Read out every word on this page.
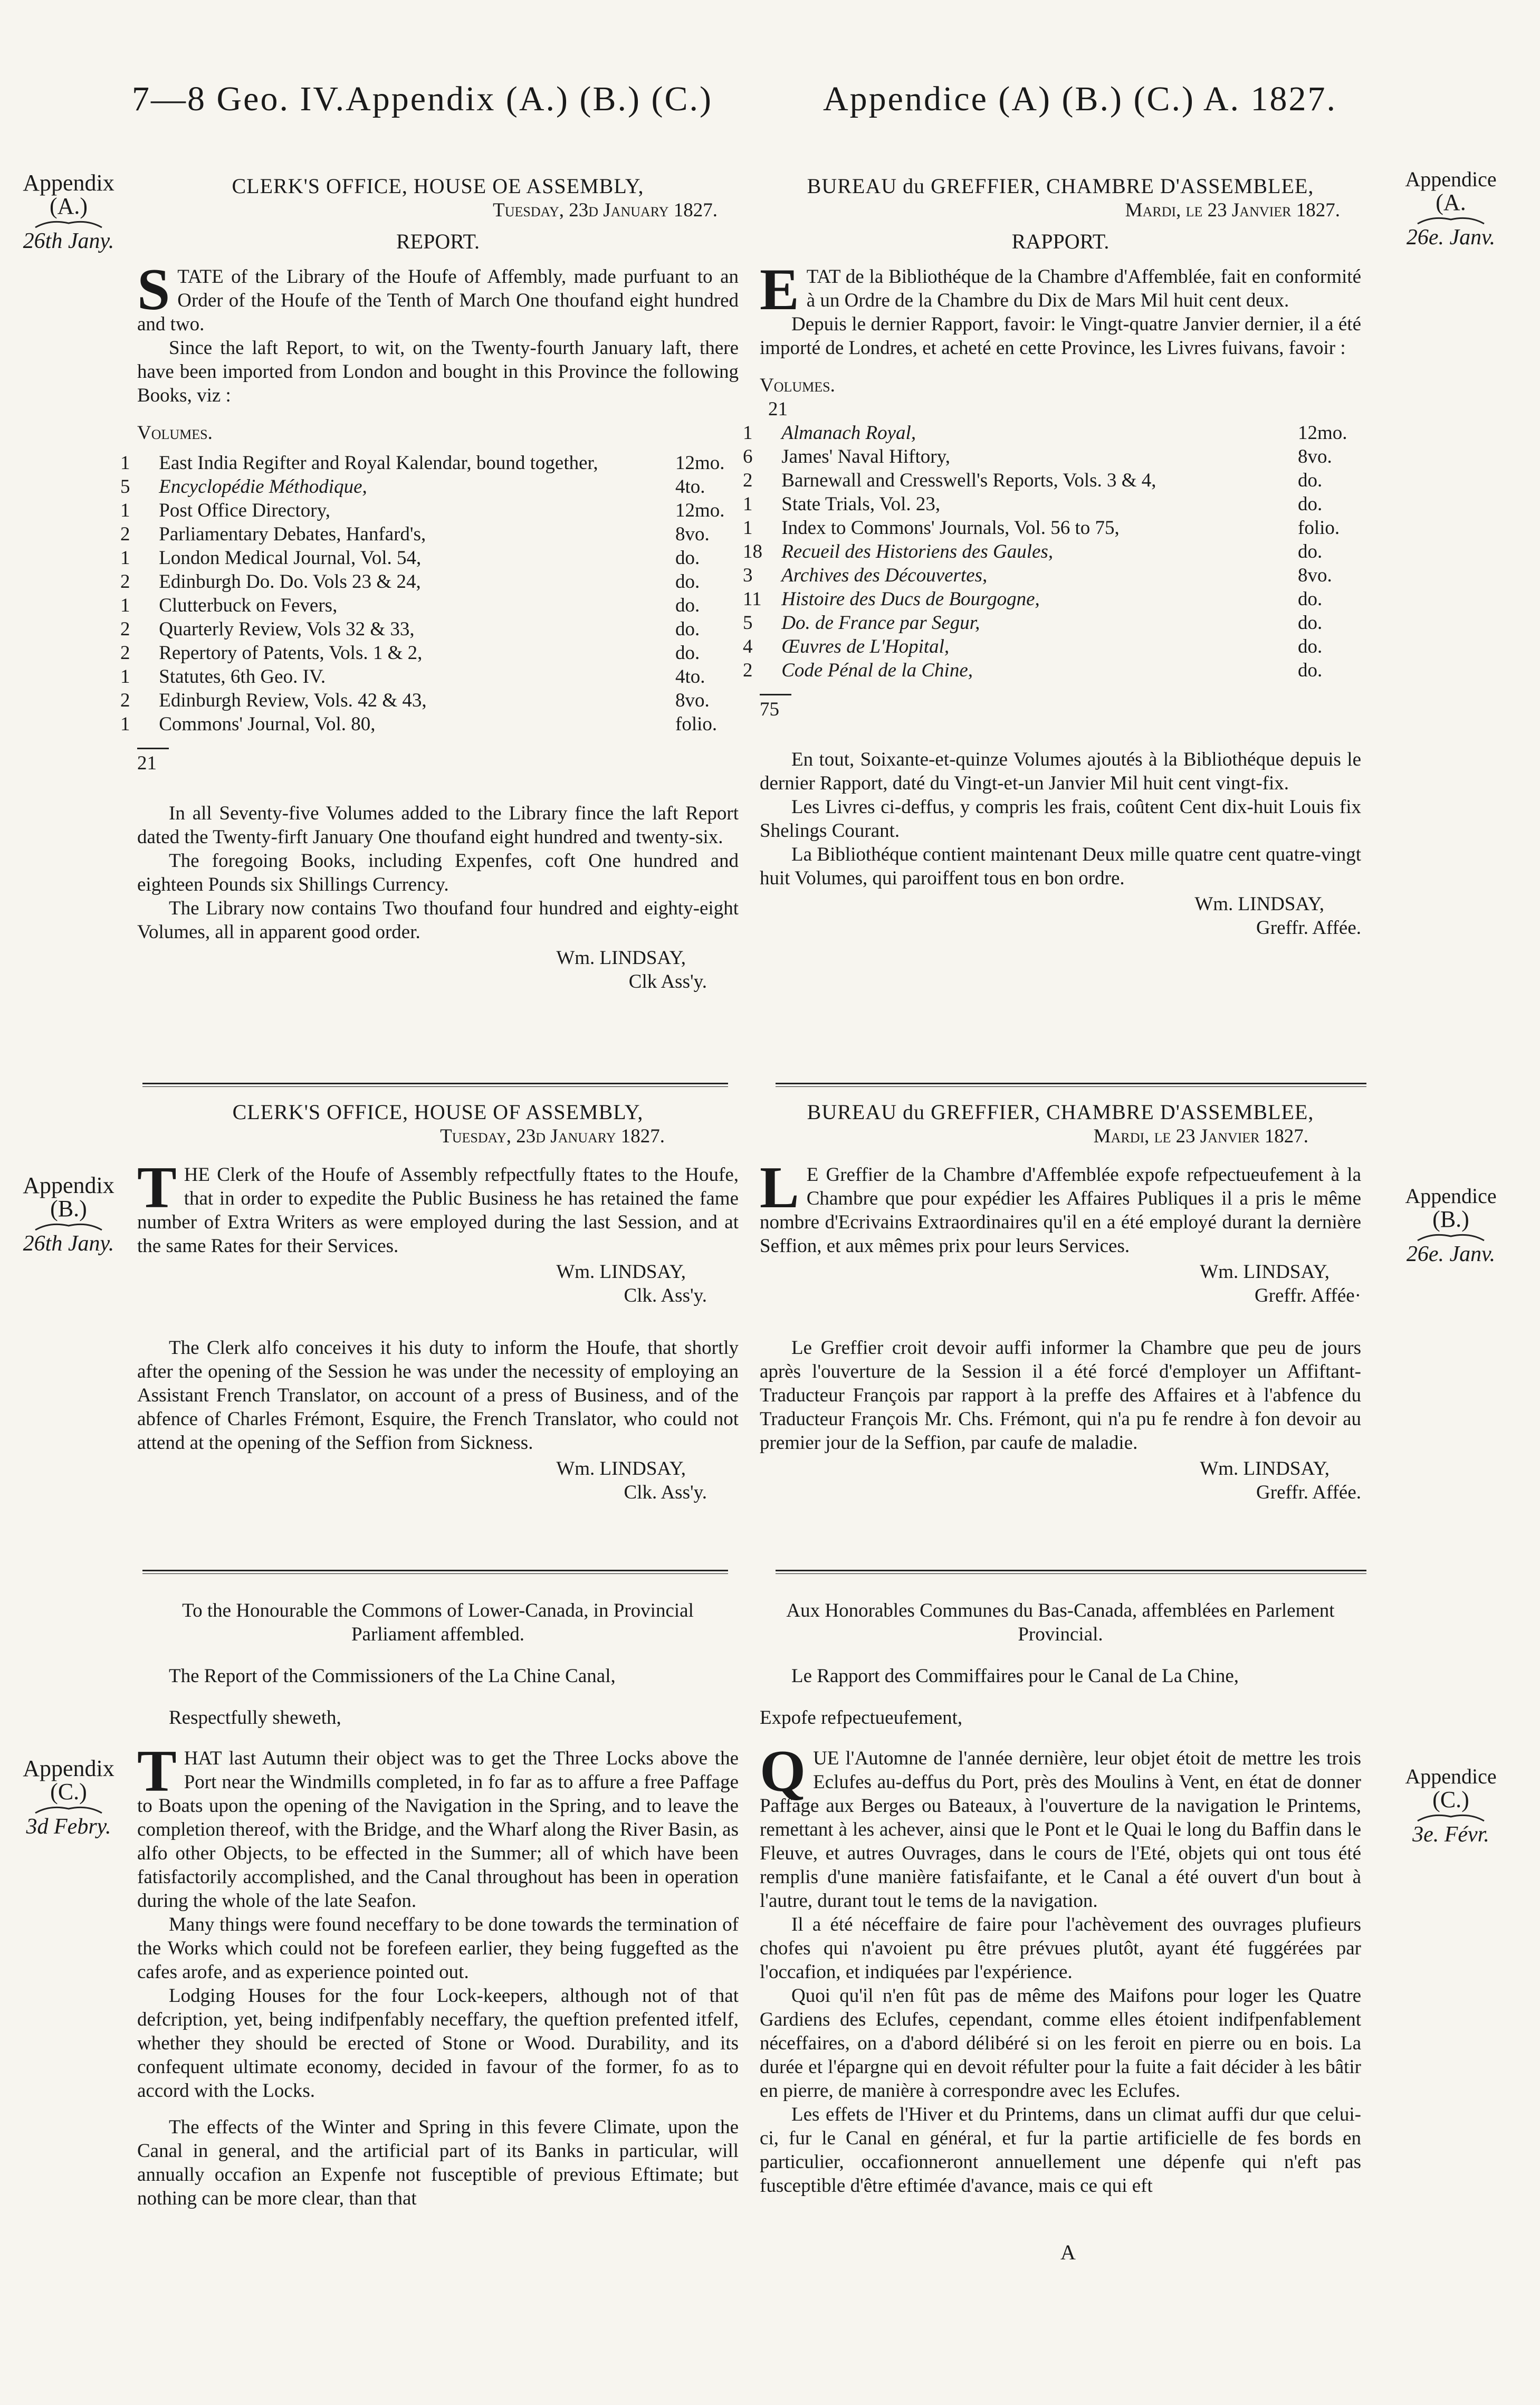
7—8 Geo. IV.Appendix (A.) (B.) (C.)	Appendice (A) (B.) (C.) A. 1827.
Appendix
(A.)
26th Jany.
Appendice
(A.
26e. Janv.
CLERK'S OFFICE, HOUSE OE ASSEMBLY,
Tuesday, 23d January 1827.
REPORT.

STATE of the Library of the Houfe of Affembly, made purfuant to an Order of the Houfe of the Tenth of March One thoufand eight hundred and two.

Since the laft Report, to wit, on the Twenty-fourth January laft, there have been imported from London and bought in this Province the following Books, viz :

Volumes.
1 East India Regifter and Royal Kalendar, bound together,	12mo.
5 Encyclopédie Méthodique,	4to.
1 Post Office Directory,	12mo.
2 Parliamentary Debates, Hanfard's,	8vo.
1 London Medical Journal, Vol. 54,	do.
2 Edinburgh Do. Do. Vols 23 & 24,	do.
1 Clutterbuck on Fevers,	do.
2 Quarterly Review, Vols 32 & 33,	do.
2 Repertory of Patents, Vols. 1 & 2,	do.
1 Statutes, 6th Geo. IV.	4to.
2 Edinburgh Review, Vols. 42 & 43,	8vo.
1 Commons' Journal, Vol. 80,	folio.
21

In all Seventy-five Volumes added to the Library fince the laft Report dated the Twenty-firft January One thoufand eight hundred and twenty-six.

The foregoing Books, including Expenfes, coft One hundred and eighteen Pounds six Shillings Currency.

The Library now contains Two thoufand four hundred and eighty-eight Volumes, all in apparent good order.

Wm. LINDSAY,
Clk Ass'y.
BUREAU du GREFFIER, CHAMBRE D'ASSEMBLEE,
Mardi, le 23 Janvier 1827.
RAPPORT.

ETAT de la Bibliothéque de la Chambre d'Affemblée, fait en conformité à un Ordre de la Chambre du Dix de Mars Mil huit cent deux.

Depuis le dernier Rapport, favoir: le Vingt-quatre Janvier dernier, il a été importé de Londres, et acheté en cette Province, les Livres fuivans, favoir :

Volumes.
21
1 Almanach Royal,	12mo.
6 James' Naval Hiftory,	8vo.
2 Barnewall and Cresswell's Reports, Vols. 3 & 4,	do.
1 State Trials, Vol. 23,	do.
1 Index to Commons' Journals, Vol. 56 to 75,	folio.
18 Recueil des Historiens des Gaules,	do.
3 Archives des Découvertes,	8vo.
11 Histoire des Ducs de Bourgogne,	do.
5 Do. de France par Segur,	do.
4 Œuvres de L'Hopital,	do.
2 Code Pénal de la Chine,	do.
75

En tout, Soixante-et-quinze Volumes ajoutés à la Bibliothéque depuis le dernier Rapport, daté du Vingt-et-un Janvier Mil huit cent vingt-fix.

Les Livres ci-deffus, y compris les frais, coûtent Cent dix-huit Louis fix Shelings Courant.

La Bibliothéque contient maintenant Deux mille quatre cent quatre-vingt huit Volumes, qui paroiffent tous en bon ordre.

Wm. LINDSAY,
Greffr. Affée.
Appendix
(B.)
26th Jany.
Appendice
(B.)
26e. Janv.
CLERK'S OFFICE, HOUSE OF ASSEMBLY,
Tuesday, 23d January 1827.

THE Clerk of the Houfe of Assembly refpectfully ftates to the Houfe, that in order to expedite the Public Business he has retained the fame number of Extra Writers as were employed during the last Session, and at the same Rates for their Services.

Wm. LINDSAY,
Clk. Ass'y.

The Clerk alfo conceives it his duty to inform the Houfe, that shortly after the opening of the Session he was under the necessity of employing an Assistant French Translator, on account of a press of Business, and of the abfence of Charles Frémont, Esquire, the French Translator, who could not attend at the opening of the Seffion from Sickness.

Wm. LINDSAY,
Clk. Ass'y.
BUREAU du GREFFIER, CHAMBRE D'ASSEMBLEE,
Mardi, le 23 Janvier 1827.

L E Greffier de la Chambre d'Affemblée expofe refpectueufement à la Chambre que pour expédier les Affaires Publiques il a pris le même nombre d'Ecrivains Extraordinaires qu'il en a été employé durant la dernière Seffion, et aux mêmes prix pour leurs Services.

Wm. LINDSAY,
Greffr. Affée·

Le Greffier croit devoir auffi informer la Chambre que peu de jours après l'ouverture de la Session il a été forcé d'employer un Affiftant-Traducteur François par rapport à la preffe des Affaires et à l'abfence du Traducteur François Mr. Chs. Frémont, qui n'a pu fe rendre à fon devoir au premier jour de la Seffion, par caufe de maladie.

Wm. LINDSAY,
Greffr. Affée.
Appendix
(C.)
3d Febry.
Appendice
(C.)
3e. Févr.

To the Honourable the Commons of Lower-Canada, in Provincial Parliament affembled.

The Report of the Commissioners of the La Chine Canal,

Respectfully sheweth,

THAT last Autumn their object was to get the Three Locks above the Port near the Windmills completed, in fo far as to affure a free Paffage to Boats upon the opening of the Navigation in the Spring, and to leave the completion thereof, with the Bridge, and the Wharf along the River Basin, as alfo other Objects, to be effected in the Summer; all of which have been fatisfactorily accomplished, and the Canal throughout has been in operation during the whole of the late Seafon.

Many things were found neceffary to be done towards the termination of the Works which could not be forefeen earlier, they being fuggefted as the cafes arofe, and as experience pointed out.

Lodging Houses for the four Lock-keepers, although not of that defcription, yet, being indifpenfably neceffary, the queftion prefented itfelf, whether they should be erected of Stone or Wood. Durability, and its confequent ultimate economy, decided in favour of the former, fo as to accord with the Locks.

The effects of the Winter and Spring in this fevere Climate, upon the Canal in general, and the artificial part of its Banks in particular, will annually occafion an Expenfe not fusceptible of previous Eftimate; but nothing can be more clear, than that

Aux Honorables Communes du Bas-Canada, affemblées en Parlement Provincial.

Le Rapport des Commiffaires pour le Canal de La Chine,

Expofe refpectueufement,

QUE l'Automne de l'année dernière, leur objet étoit de mettre les trois Eclufes au-deffus du Port, près des Moulins à Vent, en état de donner Paffage aux Berges ou Bateaux, à l'ouverture de la navigation le Printems, remettant à les achever, ainsi que le Pont et le Quai le long du Baffin dans le Fleuve, et autres Ouvrages, dans le cours de l'Eté, objets qui ont tous été remplis d'une manière fatisfaifante, et le Canal a été ouvert d'un bout à l'autre, durant tout le tems de la navigation.

Il a été néceffaire de faire pour l'achèvement des ouvrages plufieurs chofes qui n'avoient pu être prévues plutôt, ayant été fuggérées par l'occafion, et indiquées par l'expérience.

Quoi qu'il n'en fût pas de même des Maifons pour loger les Quatre Gardiens des Eclufes, cependant, comme elles étoient indifpenfablement néceffaires, on a d'abord délibéré si on les feroit en pierre ou en bois. La durée et l'épargne qui en devoit réfulter pour la fuite a fait décider à les bâtir en pierre, de manière à correspondre avec les Eclufes.

Les effets de l'Hiver et du Printems, dans un climat auffi dur que celui-ci, fur le Canal en général, et fur la partie artificielle de fes bords en particulier, occafionneront annuellement une dépenfe qui n'eft pas fusceptible d'être eftimée d'avance, mais ce qui eft

A
